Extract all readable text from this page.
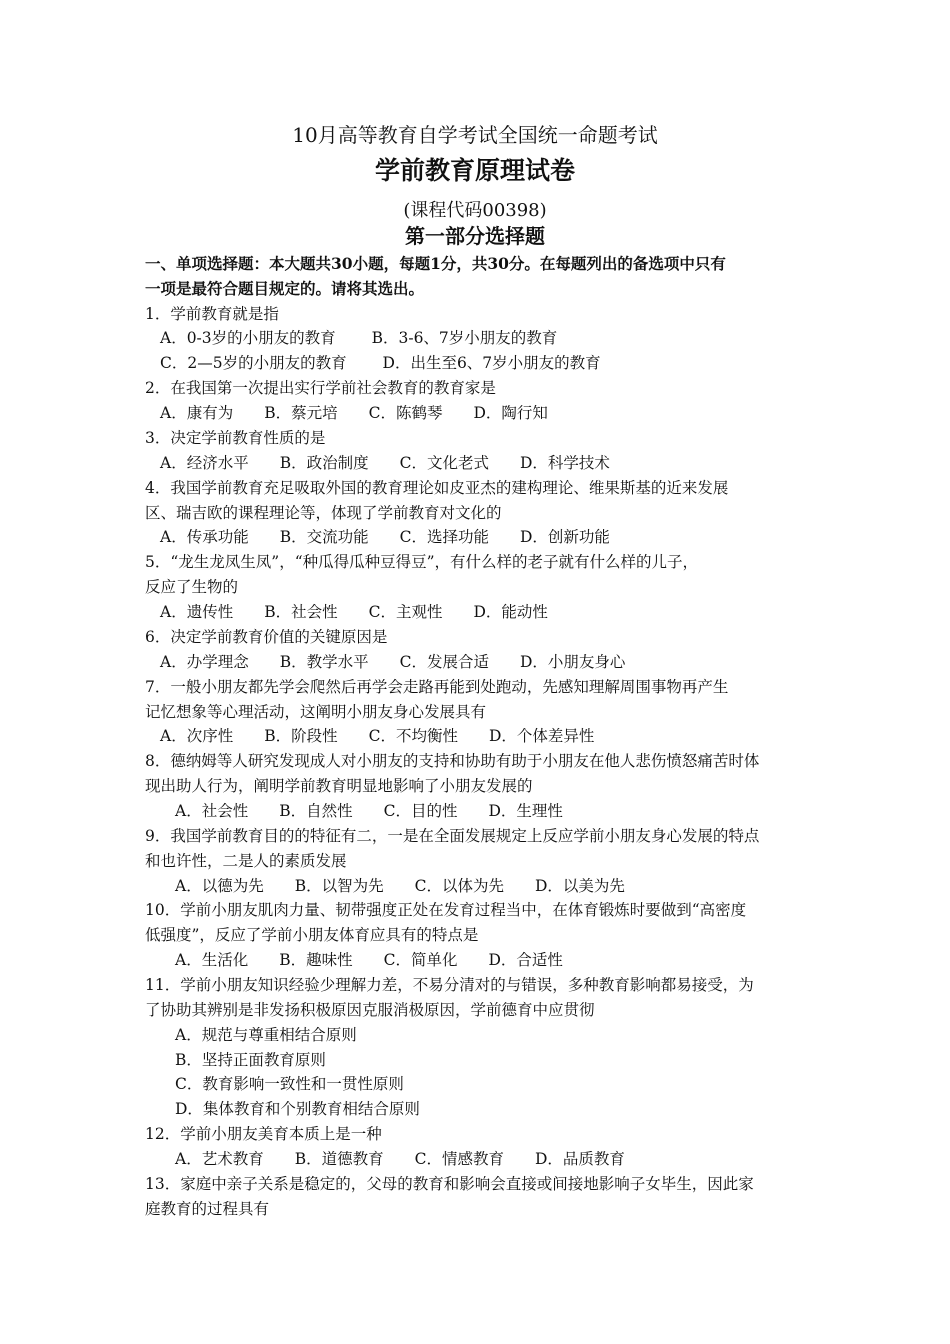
10月高等教育自学考试全国统一命题考试
学前教育原理试卷
(课程代码00398)
第一部分选择题
一、单项选择题：本大题共30小题，每题1分，共30分。在每题列出的备选项中只有
一项是最符合题目规定的。请将其选出。
1．学前教育就是指
A．0-3岁的小朋友的教育　　 B．3-6、7岁小朋友的教育
C．2—5岁的小朋友的教育　　 D．出生至6、7岁小朋友的教育
2．在我国第一次提出实行学前社会教育的教育家是
A．康有为　　B．蔡元培　　C．陈鹤琴　　D．陶行知
3．决定学前教育性质的是
A．经济水平　　B．政治制度　　C．文化老式　　D．科学技术
4．我国学前教育充足吸取外国的教育理论如皮亚杰的建构理论、维果斯基的近来发展
区、瑞吉欧的课程理论等，体现了学前教育对文化的
A．传承功能　　B．交流功能　　C．选择功能　　D．创新功能
5．“龙生龙凤生凤”，“种瓜得瓜种豆得豆”，有什么样的老子就有什么样的儿子，
反应了生物的
A．遗传性　　B．社会性　　C．主观性　　D．能动性
6．决定学前教育价值的关键原因是
A．办学理念　　B．教学水平　　C．发展合适　　D．小朋友身心
7．一般小朋友都先学会爬然后再学会走路再能到处跑动，先感知理解周围事物再产生
记忆想象等心理活动，这阐明小朋友身心发展具有
A．次序性　　B．阶段性　　C．不均衡性　　D．个体差异性
8．德纳姆等人研究发现成人对小朋友的支持和协助有助于小朋友在他人悲伤愤怒痛苦时体
现出助人行为，阐明学前教育明显地影响了小朋友发展的
A．社会性　　B．自然性　　C．目的性　　D．生理性
9．我国学前教育目的的特征有二，一是在全面发展规定上反应学前小朋友身心发展的特点
和也许性，二是人的素质发展
A．以德为先　　B．以智为先　　C．以体为先　　D．以美为先
10．学前小朋友肌肉力量、韧带强度正处在发育过程当中，在体育锻炼时要做到“高密度
低强度”，反应了学前小朋友体育应具有的特点是
A．生活化　　B．趣味性　　C．简单化　　D．合适性
11．学前小朋友知识经验少理解力差，不易分清对的与错误，多种教育影响都易接受，为
了协助其辨别是非发扬积极原因克服消极原因，学前德育中应贯彻
A．规范与尊重相结合原则
B．坚持正面教育原则
C．教育影响一致性和一贯性原则
D．集体教育和个别教育相结合原则
12．学前小朋友美育本质上是一种
A．艺术教育　　B．道德教育　　C．情感教育　　D．品质教育
13．家庭中亲子关系是稳定的，父母的教育和影响会直接或间接地影响子女毕生，因此家
庭教育的过程具有
